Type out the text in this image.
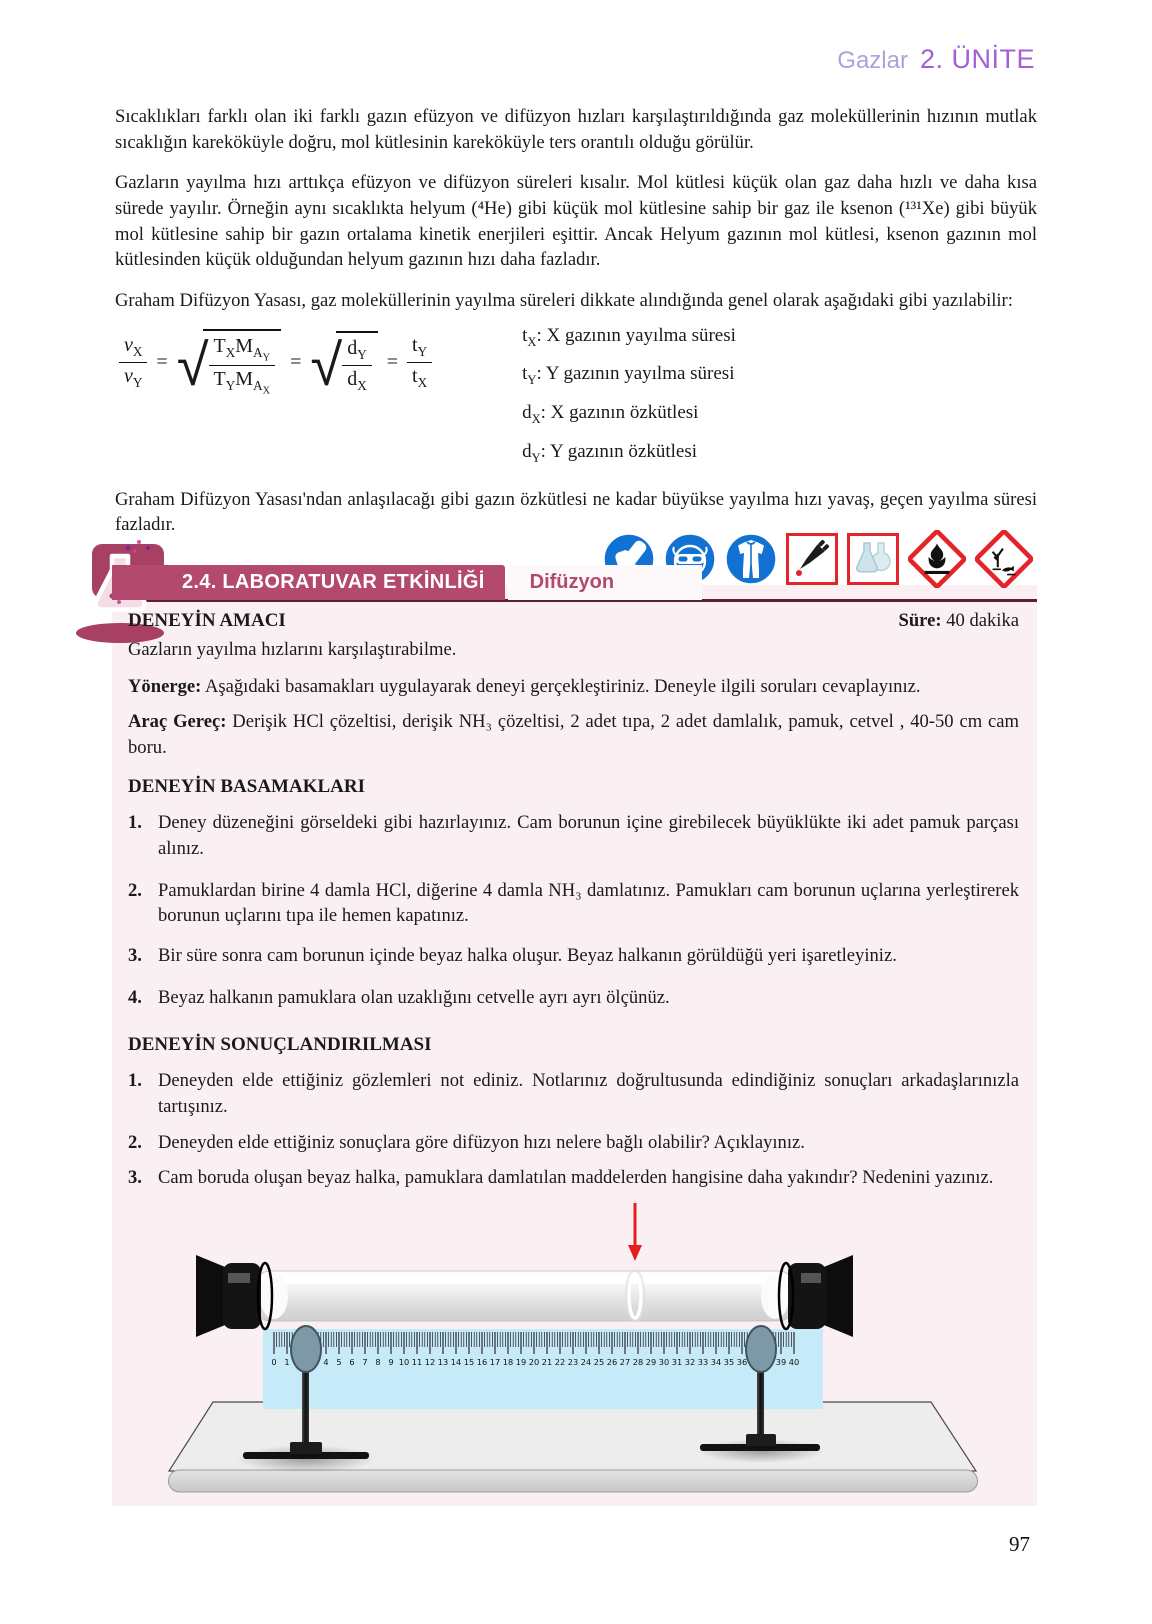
Gazlar 2. ÜNİTE

Sıcaklıkları farklı olan iki farklı gazın efüzyon ve difüzyon hızları karşılaştırıldığında gaz moleküllerinin hızının mutlak sıcaklığın kareköküyle doğru, mol kütlesinin kareköküyle ters orantılı olduğu görülür.

Gazların yayılma hızı arttıkça efüzyon ve difüzyon süreleri kısalır. Mol kütlesi küçük olan gaz daha hızlı ve daha kısa sürede yayılır. Örneğin aynı sıcaklıkta helyum (⁴He) gibi küçük mol kütlesine sahip bir gaz ile ksenon (¹³¹Xe) gibi büyük mol kütlesine sahip bir gazın ortalama kinetik enerjileri eşittir. Ancak Helyum gazının mol kütlesi, ksenon gazının mol kütlesinden küçük olduğundan helyum gazının hızı daha fazladır.

Graham Difüzyon Yasası, gaz moleküllerinin yayılma süreleri dikkate alındığında genel olarak aşağıdaki gibi yazılabilir:

$\frac{v_X}{v_Y}$ = √ $\frac{T_XM_{A_Y}}{T_YM_{A_X}}$ = √ $\frac{d_Y}{d_X} = \frac{t_Y}{t_X}$	$t_X$: X gazının yayılma süresi
$t_Y$: Y gazının yayılma süresi
$d_X$: X gazının özkütlesi
$d_Y$: Y gazının özkütlesi

Graham Difüzyon Yasası'ndan anlaşılacağı gibi gazın özkütlesi ne kadar büyükse yayılma hızı yavaş, geçen yayılma süresi fazladır.

2.4. LABORATUVAR ETKİNLİĞİ	Difüzyon
DENEYİN AMACI	Süre: 40 dakika
Gazların yayılma hızlarını karşılaştırabilme.
Yönerge: Aşağıdaki basamakları uygulayarak deneyi gerçekleştiriniz. Deneyle ilgili soruları cevaplayınız.
Araç Gereç: Derişik HCl çözeltisi, derişik NH₃ çözeltisi, 2 adet tıpa, 2 adet damlalık, pamuk, cetvel , 40-50 cm cam boru.
DENEYİN BASAMAKLARI
1. Deney düzeneğini görseldeki gibi hazırlayınız. Cam borunun içine girebilecek büyüklükte iki adet pamuk parçası alınız.
2. Pamuklardan birine 4 damla HCl, diğerine 4 damla NH₃ damlatınız. Pamukları cam borunun uçlarına yerleştirerek borunun uçlarını tıpa ile hemen kapatınız.
3. Bir süre sonra cam borunun içinde beyaz halka oluşur. Beyaz halkanın görüldüğü yeri işaretleyiniz.
4. Beyaz halkanın pamuklara olan uzaklığını cetvelle ayrı ayrı ölçünüz.
DENEYİN SONUÇLANDIRILMASI
1. Deneyden elde ettiğiniz gözlemleri not ediniz. Notlarınız doğrultusunda edindiğiniz sonuçları arkadaşlarınızla tartışınız.
2. Deneyden elde ettiğiniz sonuçlara göre difüzyon hızı nelere bağlı olabilir? Açıklayınız.
3. Cam boruda oluşan beyaz halka, pamuklara damlatılan maddelerden hangisine daha yakındır? Nedenini yazınız.
0 1	4 5 6 7 8 9 10 11 12 13 14 15 16 17 18 19 20 21 22 23 24 25 26 27 28 29 30 31 32 33 34 35 36	39 40
97
